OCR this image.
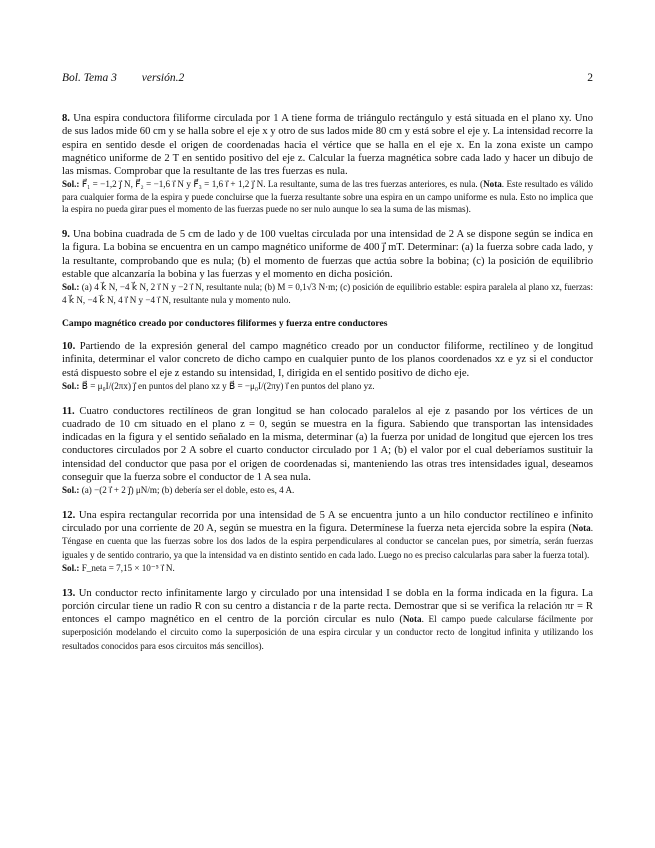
Bol. Tema 3 versión.2	2
8. Una espira conductora filiforme circulada por 1 A tiene forma de triángulo rectángulo y está situada en el plano xy. Uno de sus lados mide 60 cm y se halla sobre el eje x y otro de sus lados mide 80 cm y está sobre el eje y. La intensidad recorre la espira en sentido desde el origen de coordenadas hacia el vértice que se halla en el eje x. En la zona existe un campo magnético uniforme de 2 T en sentido positivo del eje z. Calcular la fuerza magnética sobre cada lado y hacer un dibujo de las mismas. Comprobar que la resultante de las tres fuerzas es nula.

Sol.: F⃗₁ = −1,2 j⃗ N, F⃗₂ = −1,6 i⃗ N y F⃗₃ = 1,6 i⃗ + 1,2 j⃗ N. La resultante, suma de las tres fuerzas anteriores, es nula. (Nota. Este resultado es válido para cualquier forma de la espira y puede concluirse que la fuerza resultante sobre una espira en un campo uniforme es nula. Esto no implica que la espira no pueda girar pues el momento de las fuerzas puede no ser nulo aunque lo sea la suma de las mismas).

9. Una bobina cuadrada de 5 cm de lado y de 100 vueltas circulada por una intensidad de 2 A se dispone según se indica en la figura. La bobina se encuentra en un campo magnético uniforme de 400 j⃗ mT. Determinar: (a) la fuerza sobre cada lado, y la resultante, comprobando que es nula; (b) el momento de fuerzas que actúa sobre la bobina; (c) la posición de equilibrio estable que alcanzaría la bobina y las fuerzas y el momento en dicha posición.

Sol.: (a) 4 k⃗ N, −4 k⃗ N, 2 i⃗ N y −2 i⃗ N, resultante nula; (b) M = 0,1√3 N·m; (c) posición de equilibrio estable: espira paralela al plano xz, fuerzas: 4 k⃗ N, −4 k⃗ N, 4 i⃗ N y −4 i⃗ N, resultante nula y momento nulo.

Campo magnético creado por conductores filiformes y fuerza entre conductores
10. Partiendo de la expresión general del campo magnético creado por un conductor filiforme, rectilíneo y de longitud infinita, determinar el valor concreto de dicho campo en cualquier punto de los planos coordenados xz e yz si el conductor está dispuesto sobre el eje z estando su intensidad, I, dirigida en el sentido positivo de dicho eje.

Sol.: B⃗ = μ₀I/(2πx) j⃗ en puntos del plano xz y B⃗ = −μ₀I/(2πy) i⃗ en puntos del plano yz.

11. Cuatro conductores rectilíneos de gran longitud se han colocado paralelos al eje z pasando por los vértices de un cuadrado de 10 cm situado en el plano z = 0, según se muestra en la figura. Sabiendo que transportan las intensidades indicadas en la figura y el sentido señalado en la misma, determinar (a) la fuerza por unidad de longitud que ejercen los tres conductores circulados por 2 A sobre el cuarto conductor circulado por 1 A; (b) el valor por el cual deberíamos sustituir la intensidad del conductor que pasa por el origen de coordenadas si, manteniendo las otras tres intensidades igual, deseamos conseguir que la fuerza sobre el conductor de 1 A sea nula.

Sol.: (a) −(2 i⃗ + 2 j⃗) μN/m; (b) debería ser el doble, esto es, 4 A.

12. Una espira rectangular recorrida por una intensidad de 5 A se encuentra junto a un hilo conductor rectilíneo e infinito circulado por una corriente de 20 A, según se muestra en la figura. Determínese la fuerza neta ejercida sobre la espira (Nota. Téngase en cuenta que las fuerzas sobre los dos lados de la espira perpendiculares al conductor se cancelan pues, por simetría, serán fuerzas iguales y de sentido contrario, ya que la intensidad va en distinto sentido en cada lado. Luego no es preciso calcularlas para saber la fuerza total).

Sol.: F_neta = 7,15 × 10⁻⁵ i⃗ N.

13. Un conductor recto infinitamente largo y circulado por una intensidad I se dobla en la forma indicada en la figura. La porción circular tiene un radio R con su centro a distancia r de la parte recta. Demostrar que si se verifica la relación πr = R entonces el campo magnético en el centro de la porción circular es nulo (Nota. El campo puede calcularse fácilmente por superposición modelando el circuito como la superposición de una espira circular y un conductor recto de longitud infinita y utilizando los resultados conocidos para esos circuitos más sencillos).
